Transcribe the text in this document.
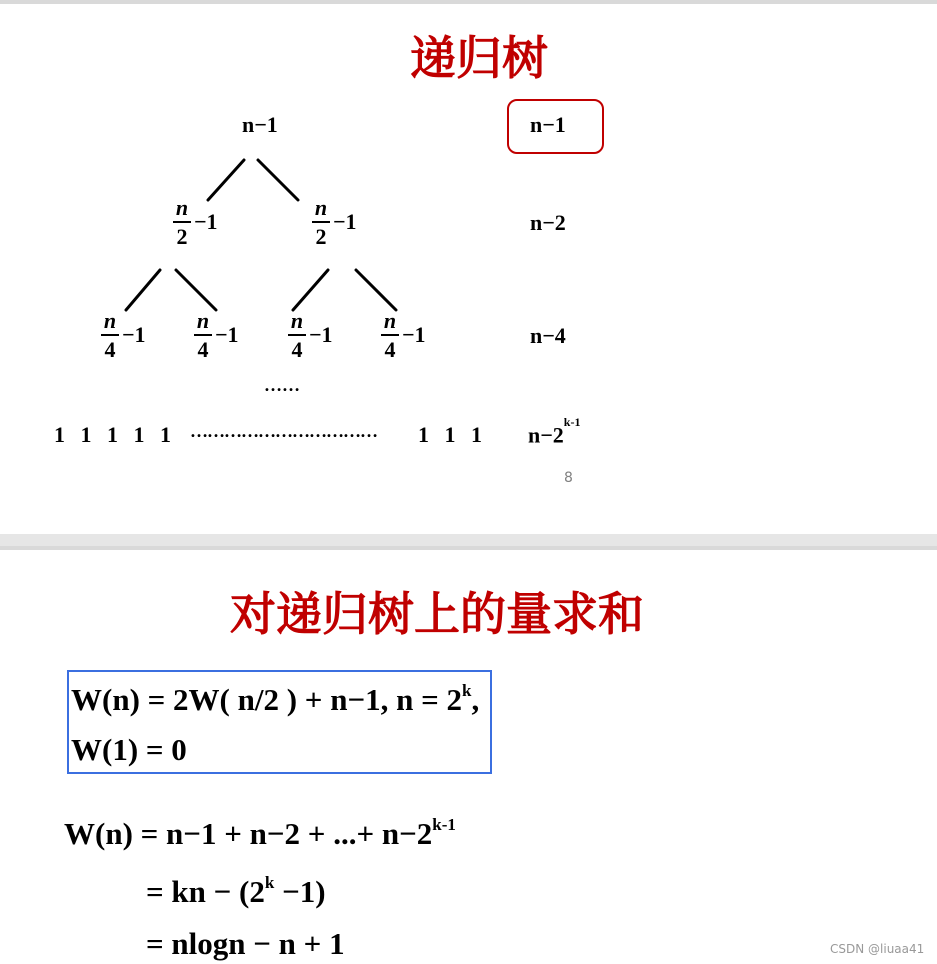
递归树
n−1
n
2
−1
n
2
−1
n
4
−1
n
4
−1
n
4
−1
n
4
−1
……
1 1 1 1 1 …………………………… 1 1 1
n−1
n−2
n−4
$n-2^{k-1}$
8
对递归树上的量求和
W(n) = 2W( n/2 ) + n−1, $n = 2^k$,
W(1) = 0
W(n) = n−1 + n−2 + ...+ $n-2^{k-1}$
= kn − $(2^k -1)$
= nlogn − n + 1	CSDN @liuaa41
